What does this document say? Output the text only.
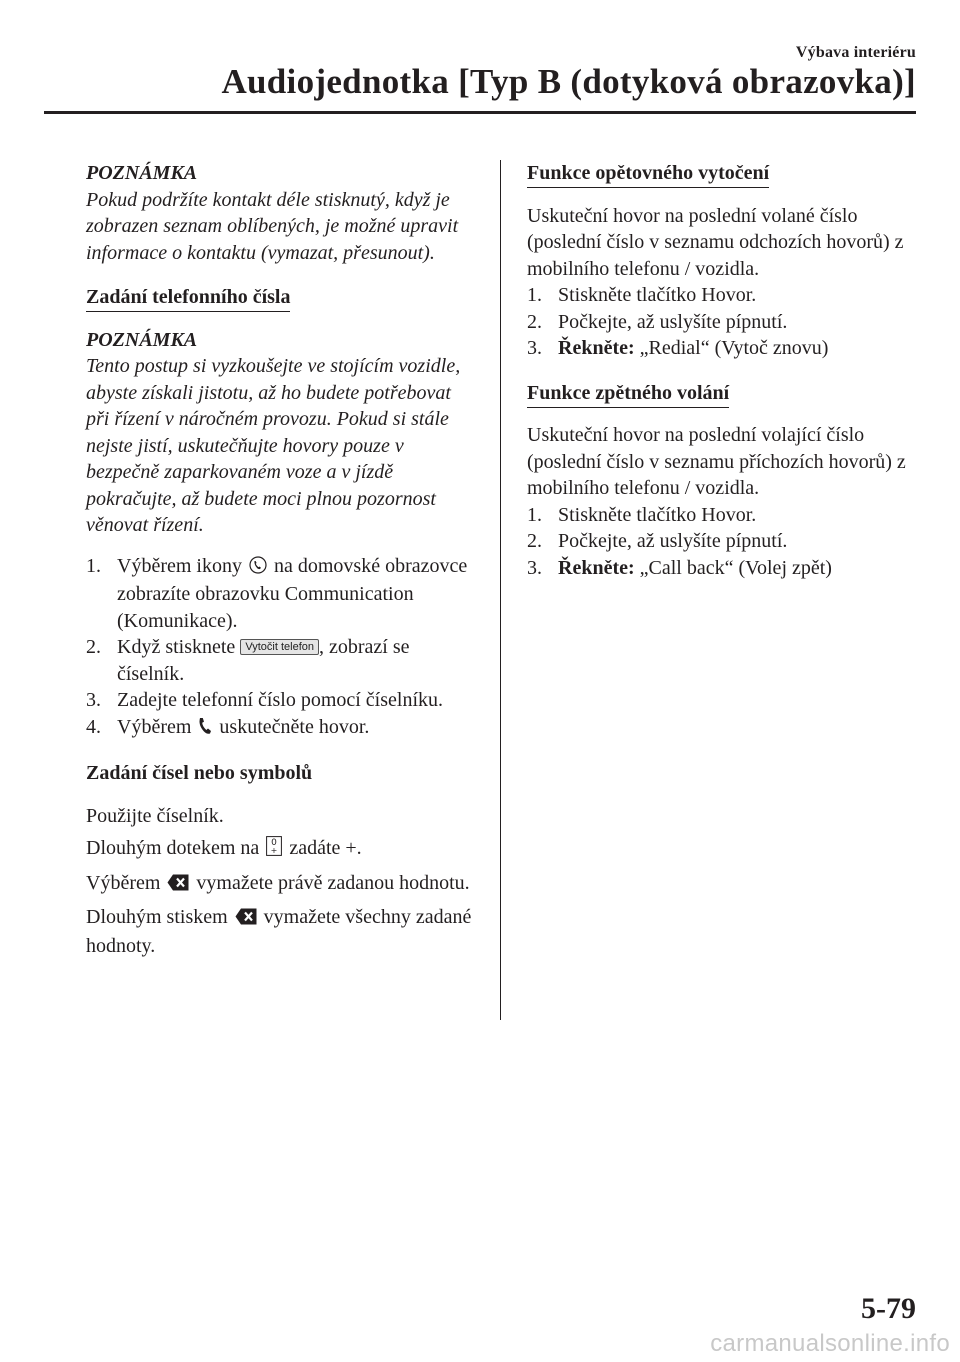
Výbava interiéru
Audiojednotka [Typ B (dotyková obrazovka)]
POZNÁMKA

Pokud podržíte kontakt déle stisknutý, když je zobrazen seznam oblíbených, je možné upravit informace o kontaktu (vymazat, přesunout).

Zadání telefonního čísla
POZNÁMKA

Tento postup si vyzkoušejte ve stojícím vozidle, abyste získali jistotu, až ho budete potřebovat při řízení v náročném provozu. Pokud si stále nejste jistí, uskutečňujte hovory pouze v bezpečně zaparkovaném voze a v jízdě pokračujte, až budete moci plnou pozornost věnovat řízení.

1. Výběrem ikony na domovské obrazovce zobrazíte obrazovku Communication (Komunikace).
2. Když stisknete Vytočit telefon , zobrazí se číselník.
3. Zadejte telefonní číslo pomocí číselníku.
4. Výběrem uskutečněte hovor.
Zadání čísel nebo symbolů

Použijte číselník.

Dlouhým dotekem na 0
+ zadáte +.

Výběrem vymažete právě zadanou hodnotu.

Dlouhým stiskem vymažete všechny zadané hodnoty.

Funkce opětovného vytočení

Uskuteční hovor na poslední volané číslo (poslední číslo v seznamu odchozích hovorů) z mobilního telefonu / vozidla.

1. Stiskněte tlačítko Hovor.
2. Počkejte, až uslyšíte pípnutí.
3. Řekněte: „Redial“ (Vytoč znovu)
Funkce zpětného volání

Uskuteční hovor na poslední volající číslo (poslední číslo v seznamu příchozích hovorů) z mobilního telefonu / vozidla.

1. Stiskněte tlačítko Hovor.
2. Počkejte, až uslyšíte pípnutí.
3. Řekněte: „Call back“ (Volej zpět)
5-79
carmanualsonline.info
